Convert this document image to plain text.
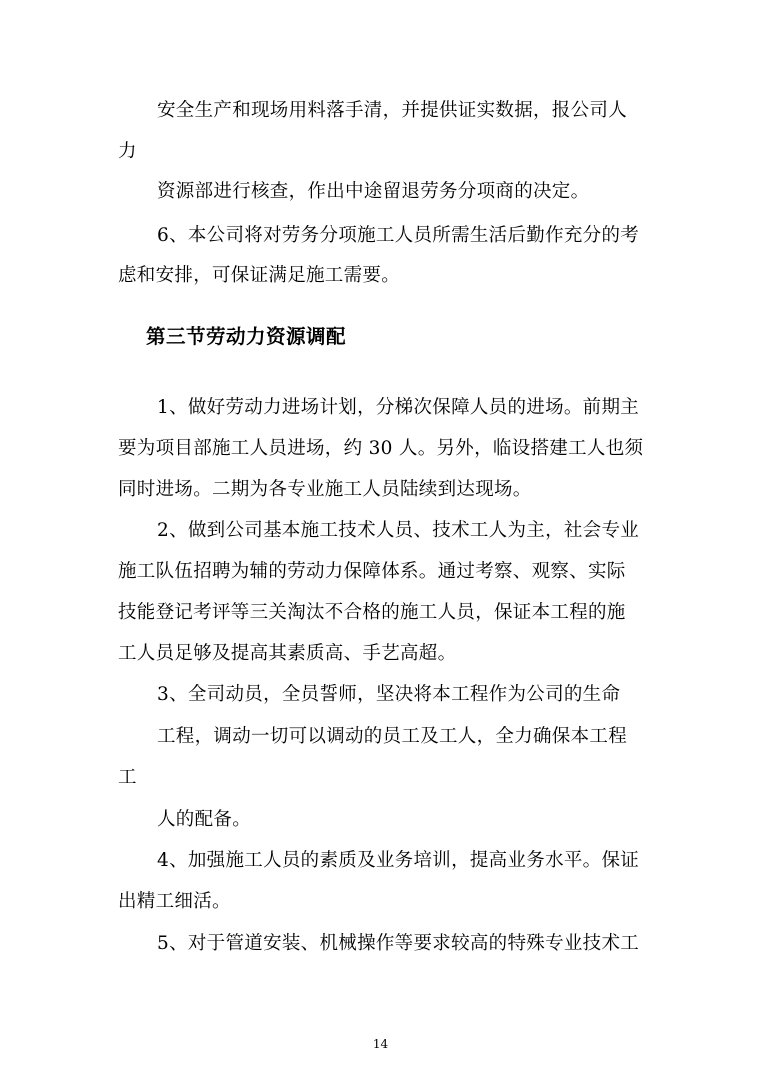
安全生产和现场用料落手清，并提供证实数据，报公司人
力
资源部进行核查，作出中途留退劳务分项商的决定。
6、本公司将对劳务分项施工人员所需生活后勤作充分的考
虑和安排，可保证满足施工需要。
第三节劳动力资源调配
1、做好劳动力进场计划，分梯次保障人员的进场。前期主
要为项目部施工人员进场，约 30 人。另外，临设搭建工人也须
同时进场。二期为各专业施工人员陆续到达现场。
2、做到公司基本施工技术人员、技术工人为主，社会专业
施工队伍招聘为辅的劳动力保障体系。通过考察、观察、实际
技能登记考评等三关淘汰不合格的施工人员，保证本工程的施
工人员足够及提高其素质高、手艺高超。
3、全司动员，全员誓师，坚决将本工程作为公司的生命
工程，调动一切可以调动的员工及工人，全力确保本工程
工
人的配备。
4、加强施工人员的素质及业务培训，提高业务水平。保证
出精工细活。
5、对于管道安装、机械操作等要求较高的特殊专业技术工
14
